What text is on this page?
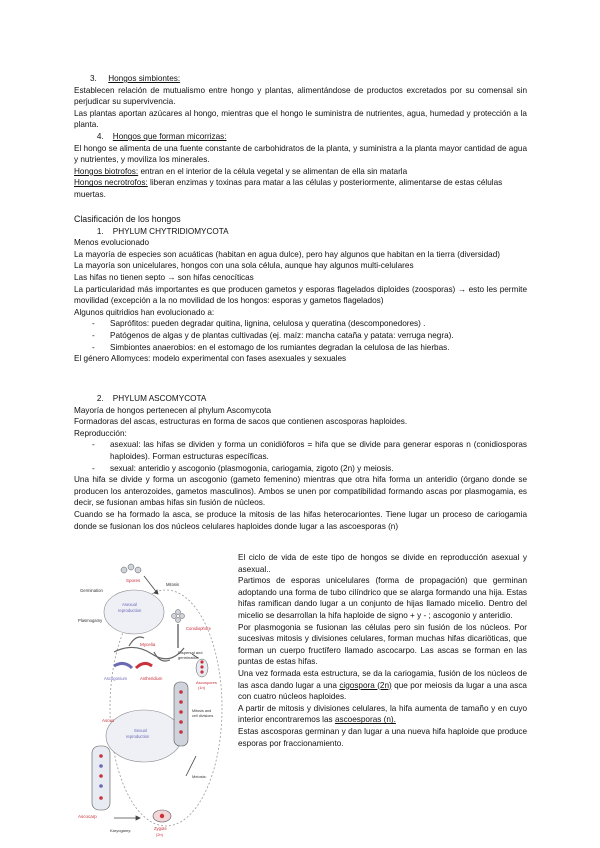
3. Hongos simbiontes:

Establecen relación de mutualismo entre hongo y plantas, alimentándose de productos excretados por su comensal sin perjudicar su supervivencia.

Las plantas aportan azúcares al hongo, mientras que el hongo le suministra de nutrientes, agua, humedad y protección a la planta.

4. Hongos que forman micorrizas:

El hongo se alimenta de una fuente constante de carbohidratos de la planta, y suministra a la planta mayor cantidad de agua y nutrientes, y moviliza los minerales.

Hongos biotrofos: entran en el interior de la célula vegetal y se alimentan de ella sin matarla

Hongos necrotrofos: liberan enzimas y toxinas para matar a las células y posteriormente, alimentarse de estas células muertas.

Clasificación de los hongos

1. PHYLUM CHYTRIDIOMYCOTA

Menos evolucionado

La mayoría de especies son acuáticas (habitan en agua dulce), pero hay algunos que habitan en la tierra (diversidad)

La mayoría son unicelulares, hongos con una sola célula, aunque hay algunos multi-celulares

Las hifas no tienen septo → son hifas cenocíticas

La particularidad más importantes es que producen gametos y esporas flagelados diploides (zoosporas) → esto les permite movilidad (excepción a la no movilidad de los hongos: esporas y gametos flagelados)

Algunos quitridios han evolucionado a:

- Saprófitos: pueden degradar quitina, lignina, celulosa y queratina (descomponedores) .
- Patógenos de algas y de plantas cultivadas (ej. maíz: mancha cataña y patata: verruga negra).
- Simbiontes anaerobios: en el estomago de los rumiantes degradan la celulosa de las hierbas.

El género Allomyces: modelo experimental con fases asexuales y sexuales

2. PHYLUM ASCOMYCOTA

Mayoría de hongos pertenecen al phylum Ascomycota

Formadoras del ascas, estructuras en forma de sacos que contienen ascosporas haploides.

Reproducción:

- asexual: las hifas se dividen y forma un conidióforos = hifa que se divide para generar esporas n (conidiosporas haploides). Forman estructuras específicas.
- sexual: anteridio y ascogonio (plasmogonia, cariogamia, zigoto (2n) y meiosis.

Una hifa se divide y forma un ascogonio (gameto femenino) mientras que otra hifa forma un anteridio (órgano donde se producen los anterozoides, gametos masculinos). Ambos se unen por compatibilidad formando ascas por plasmogamia, es decir, se fusionan ambas hifas sin fusión de núcleos.

Cuando se ha formado la asca, se produce la mitosis de las hifas heterocariontes. Tiene lugar un proceso de cariogamia donde se fusionan los dos núcleos celulares haploides donde lugar a las ascoesporas (n)

Spores
Mitosis
Asexual
reproduction
Germination
Plasmogamy
Mycelia
Conidiophore
Dispersal and
germination
Ascogonium	Antheridium
Ascospores
(1n)
Ascus
Sexual
reproduction
Mitosis and
cell divisions
Ascocarp
Meiosis:
Karyogamy:	Zygote
(2n)

El ciclo de vida de este tipo de hongos se divide en reproducción asexual y asexual..

Partimos de esporas unicelulares (forma de propagación) que germinan adoptando una forma de tubo cilíndrico que se alarga formando una hija. Estas hifas ramifican dando lugar a un conjunto de hijas llamado micelio. Dentro del micelio se desarrollan la hifa haploide de signo + y - ; ascogonio y anteridio.

Por plasmogonia se fusionan las células pero sin fusión de los núcleos. Por sucesivas mitosis y divisiones celulares, forman muchas hifas dicariöticas, que forman un cuerpo fructífero llamado ascocarpo. Las ascas se forman en las puntas de estas hifas.

Una vez formada esta estructura, se da la cariogamia, fusión de los núcleos de las asca dando lugar a una cigospora (2n) que por meiosis da lugar a una asca con cuatro núcleos haploides.

A partir de mitosis y divisiones celulares, la hifa aumenta de tamaño y en cuyo interior encontraremos las ascoesporas (n).

Estas ascosporas germinan y dan lugar a una nueva hifa haploide que produce esporas por fraccionamiento.
